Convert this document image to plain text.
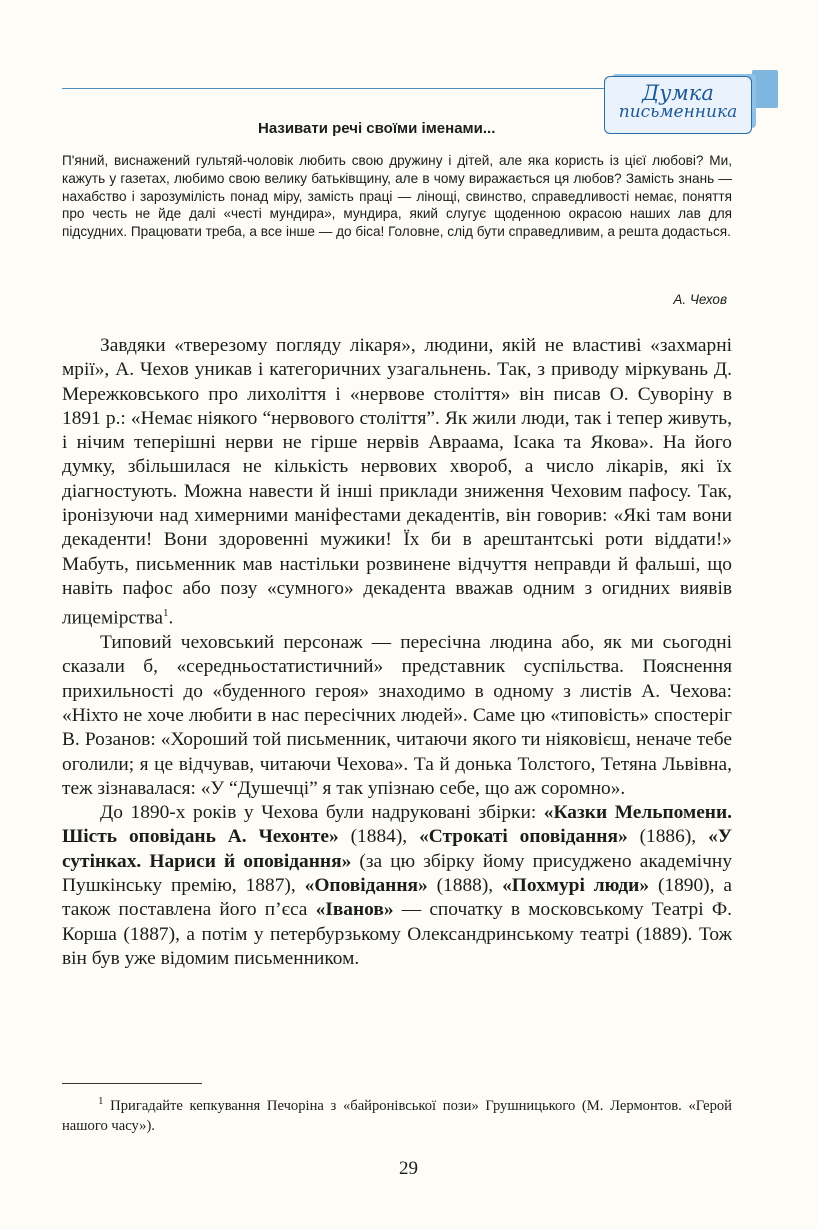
Думка
письменника
Називати речі своїми іменами...

П'яний, виснажений гультяй-чоловік любить свою дружину і дітей, але яка користь із цієї любові? Ми, кажуть у газетах, любимо свою велику батьківщину, але в чому виражається ця любов? Замість знань — нахабство і зарозумілість понад міру, замість праці — лінощі, свинство, справедливості немає, поняття про честь не йде далі «честі мундира», мундира, який слугує щоденною окрасою наших лав для підсудних. Працювати треба, а все інше — до біса! Головне, слід бути справедливим, а решта додасться.

А. Чехов

Завдяки «тверезому погляду лікаря», людини, якій не властиві «захмарні мрії», А. Чехов уникав і категоричних узагальнень. Так, з приводу міркувань Д. Мережковського про лихоліття і «нервове століття» він писав О. Суворіну в 1891 р.: «Немає ніякого “нервового століття”. Як жили люди, так і тепер живуть, і нічим теперішні нерви не гірше нервів Авраама, Ісака та Якова». На його думку, збільшилася не кількість нервових хвороб, а число лікарів, які їх діагностують. Можна навести й інші приклади зниження Чеховим пафосу. Так, іронізуючи над химерними маніфестами декадентів, він говорив: «Які там вони декаденти! Вони здоровенні мужики! Їх би в арештантські роти віддати!» Мабуть, письменник мав настільки розвинене відчуття неправди й фальші, що навіть пафос або позу «сумного» декадента вважав одним з огидних виявів лицемірства$^1$.

Типовий чеховський персонаж — пересічна людина або, як ми сьогодні сказали б, «середньостатистичний» представник суспільства. Пояснення прихильності до «буденного героя» знаходимо в одному з листів А. Чехова: «Ніхто не хоче любити в нас пересічних людей». Саме цю «типовість» спостеріг В. Розанов: «Хороший той письменник, читаючи якого ти ніяковієш, неначе тебе оголили; я це відчував, читаючи Чехова». Та й донька Толстого, Тетяна Львівна, теж зізнавалася: «У “Душечці” я так упізнаю себе, що аж соромно».

До 1890-х років у Чехова були надруковані збірки: «Казки Мельпомени. Шість оповідань А. Чехонте» (1884), «Строкаті оповідання» (1886), «У сутінках. Нариси й оповідання» (за цю збірку йому присуджено академічну Пушкінську премію, 1887), «Оповідання» (1888), «Похмурі люди» (1890), а також поставлена його п’єса «Іванов» — спочатку в московському Театрі Ф. Корша (1887), а потім у петербурзькому Олександринському театрі (1889). Тож він був уже відомим письменником.

$^1$ Пригадайте кепкування Печоріна з «байронівської пози» Грушницького (М. Лермонтов. «Герой нашого часу»).

29
